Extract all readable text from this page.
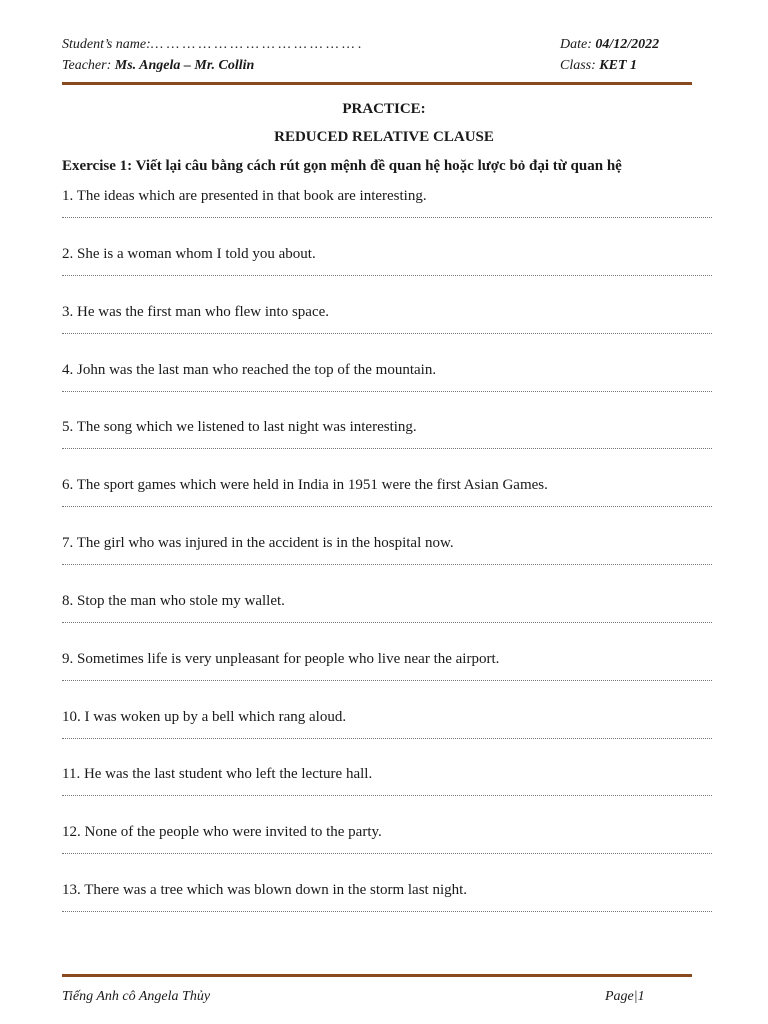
Student’s name:… … … … … … … … … … … … … .	Date: 04/12/2022
Teacher: Ms. Angela – Mr. Collin	Class: KET 1
PRACTICE:
REDUCED RELATIVE CLAUSE
Exercise 1: Viết lại câu bằng cách rút gọn mệnh đề quan hệ hoặc lược bỏ đại từ quan hệ
1. The ideas which are presented in that book are interesting.
2. She is a woman whom I told you about.
3. He was the first man who flew into space.
4. John was the last man who reached the top of the mountain.
5. The song which we listened to last night was interesting.
6. The sport games which were held in India in 1951 were the first Asian Games.
7. The girl who was injured in the accident is in the hospital now.
8. Stop the man who stole my wallet.
9. Sometimes life is very unpleasant for people who live near the airport.
10. I was woken up by a bell which rang aloud.
11. He was the last student who left the lecture hall.
12. None of the people who were invited to the party.
13. There was a tree which was blown down in the storm last night.
Tiếng Anh cô Angela Thủy	Page|1
